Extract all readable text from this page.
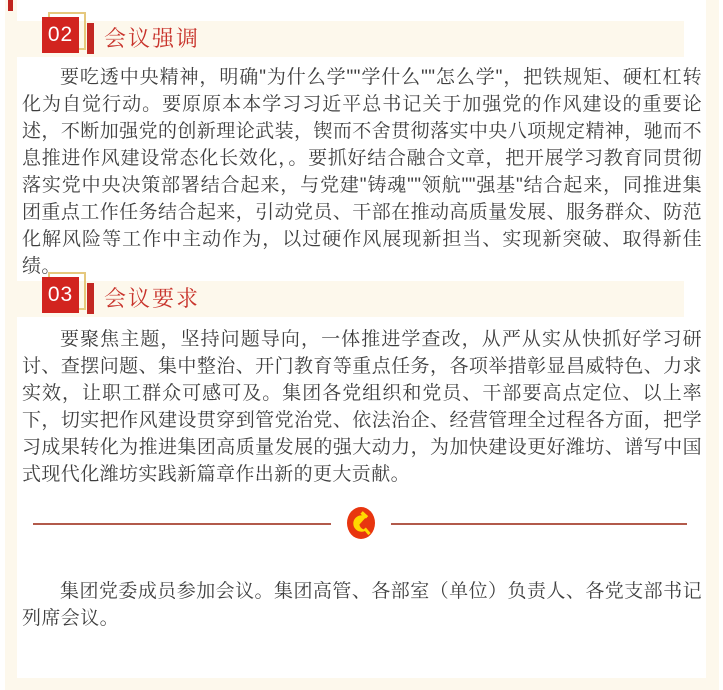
02 会议强调

要吃透中央精神，明确"为什么学""学什么""怎么学"，把铁规矩、硬杠杠转化为自觉行动。要原原本本学习习近平总书记关于加强党的作风建设的重要论述，不断加强党的创新理论武装，锲而不舍贯彻落实中央八项规定精神，驰而不息推进作风建设常态化长效化，。要抓好结合融合文章，把开展学习教育同贯彻落实党中央决策部署结合起来，与党建"铸魂""领航""强基"结合起来，同推进集团重点工作任务结合起来，引动党员、干部在推动高质量发展、服务群众、防范化解风险等工作中主动作为，以过硬作风展现新担当、实现新突破、取得新佳绩。

03 会议要求

要聚焦主题，坚持问题导向，一体推进学查改，从严从实从快抓好学习研讨、查摆问题、集中整治、开门教育等重点任务，各项举措彰显昌威特色、力求实效，让职工群众可感可及。集团各党组织和党员、干部要高点定位、以上率下，切实把作风建设贯穿到管党治党、依法治企、经营管理全过程各方面，把学习成果转化为推进集团高质量发展的强大动力，为加快建设更好潍坊、谱写中国式现代化潍坊实践新篇章作出新的更大贡献。

集团党委成员参加会议。集团高管、各部室（单位）负责人、各党支部书记列席会议。
